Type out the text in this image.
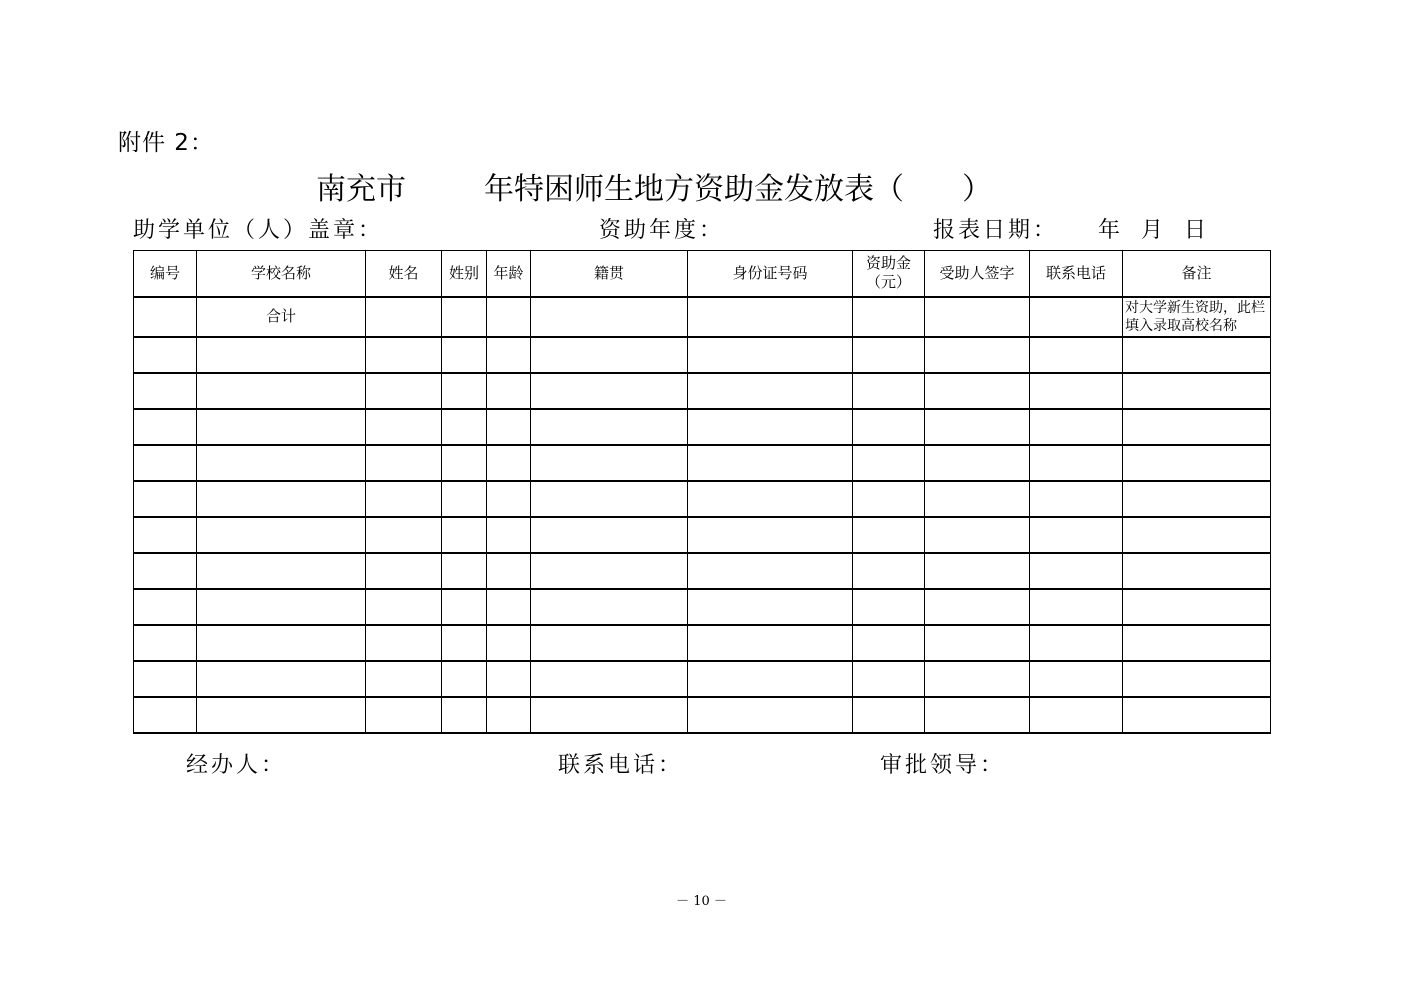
附件 2：
南充市	年特困师生地方资助金发放表（ ）
助学单位（人）盖章：	资助年度：	报表日期： 年 月 日
编号	学校名称	姓名	姓别	年龄	籍贯	身份证号码	资助金（元）	受助人签字	联系电话	备注
	合计									对大学新生资助，此栏填入录取高校名称

经办人：	联系电话：	审批领导：
－ 10 －
